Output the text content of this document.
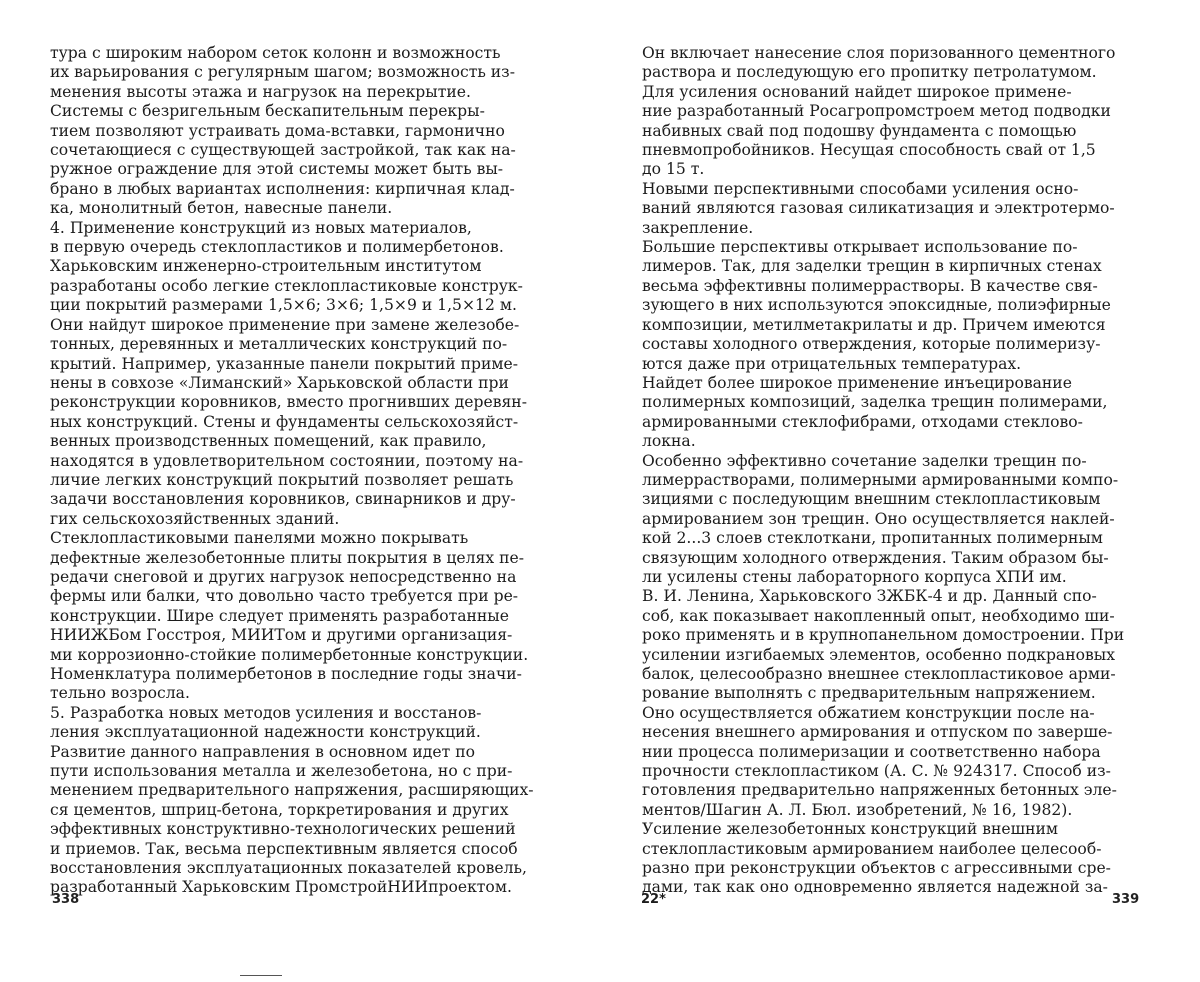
тура с широким набором сеток колонн и возможность
их варьирования с регулярным шагом; возможность из-
менения высоты этажа и нагрузок на перекрытие.

Системы с безригельным бескапительным перекры-
тием позволяют устраивать дома-вставки, гармонично
сочетающиеся с существующей застройкой, так как на-
ружное ограждение для этой системы может быть вы-
брано в любых вариантах исполнения: кирпичная клад-
ка, монолитный бетон, навесные панели.

4. Применение конструкций из новых материалов,
в первую очередь стеклопластиков и полимербетонов.

Харьковским инженерно-строительным институтом
разработаны особо легкие стеклопластиковые конструк-
ции покрытий размерами 1,5×6; 3×6; 1,5×9 и 1,5×12 м.
Они найдут широкое применение при замене железобе-
тонных, деревянных и металлических конструкций по-
крытий. Например, указанные панели покрытий приме-
нены в совхозе «Лиманский» Харьковской области при
реконструкции коровников, вместо прогнивших деревян-
ных конструкций. Стены и фундаменты сельскохозяйст-
венных производственных помещений, как правило,
находятся в удовлетворительном состоянии, поэтому на-
личие легких конструкций покрытий позволяет решать
задачи восстановления коровников, свинарников и дру-
гих сельскохозяйственных зданий.

Стеклопластиковыми панелями можно покрывать
дефектные железобетонные плиты покрытия в целях пе-
редачи снеговой и других нагрузок непосредственно на
фермы или балки, что довольно часто требуется при ре-
конструкции. Шире следует применять разработанные
НИИЖБом Госстроя, МИИТом и другими организация-
ми коррозионно-стойкие полимербетонные конструкции.
Номенклатура полимербетонов в последние годы значи-
тельно возросла.

5. Разработка новых методов усиления и восстанов-
ления эксплуатационной надежности конструкций.

Развитие данного направления в основном идет по
пути использования металла и железобетона, но с при-
менением предварительного напряжения, расширяющих-
ся цементов, шприц-бетона, торкретирования и других
эффективных конструктивно-технологических решений
и приемов. Так, весьма перспективным является способ
восстановления эксплуатационных показателей кровель,
разработанный Харьковским ПромстройНИИпроектом.

Он включает нанесение слоя поризованного цементного
раствора и последующую его пропитку петролатумом.

Для усиления оснований найдет широкое примене-
ние разработанный Росагропромстроем метод подводки
набивных свай под подошву фундамента с помощью
пневмопробойников. Несущая способность свай от 1,5
до 15 т.

Новыми перспективными способами усиления осно-
ваний являются газовая силикатизация и электротермо-
закрепление.

Большие перспективы открывает использование по-
лимеров. Так, для заделки трещин в кирпичных стенах
весьма эффективны полимеррастворы. В качестве свя-
зующего в них используются эпоксидные, полиэфирные
композиции, метилметакрилаты и др. Причем имеются
составы холодного отверждения, которые полимеризу-
ются даже при отрицательных температурах.

Найдет более широкое применение инъецирование
полимерных композиций, заделка трещин полимерами,
армированными стеклофибрами, отходами стеклово-
локна.

Особенно эффективно сочетание заделки трещин по-
лимеррастворами, полимерными армированными компо-
зициями с последующим внешним стеклопластиковым
армированием зон трещин. Оно осуществляется наклей-
кой 2...3 слоев стеклоткани, пропитанных полимерным
связующим холодного отверждения. Таким образом бы-
ли усилены стены лабораторного корпуса ХПИ им.
В. И. Ленина, Харьковского ЗЖБК-4 и др. Данный спо-
соб, как показывает накопленный опыт, необходимо ши-
роко применять и в крупнопанельном домостроении. При
усилении изгибаемых элементов, особенно подкрановых
балок, целесообразно внешнее стеклопластиковое арми-
рование выполнять с предварительным напряжением.
Оно осуществляется обжатием конструкции после на-
несения внешнего армирования и отпуском по заверше-
нии процесса полимеризации и соответственно набора
прочности стеклопластиком (А. С. № 924317. Способ из-
готовления предварительно напряженных бетонных эле-
ментов/Шагин А. Л. Бюл. изобретений, № 16, 1982).

Усиление железобетонных конструкций внешним
стеклопластиковым армированием наиболее целесооб-
разно при реконструкции объектов с агрессивными сре-
дами, так как оно одновременно является надежной за-

338	22*	339
